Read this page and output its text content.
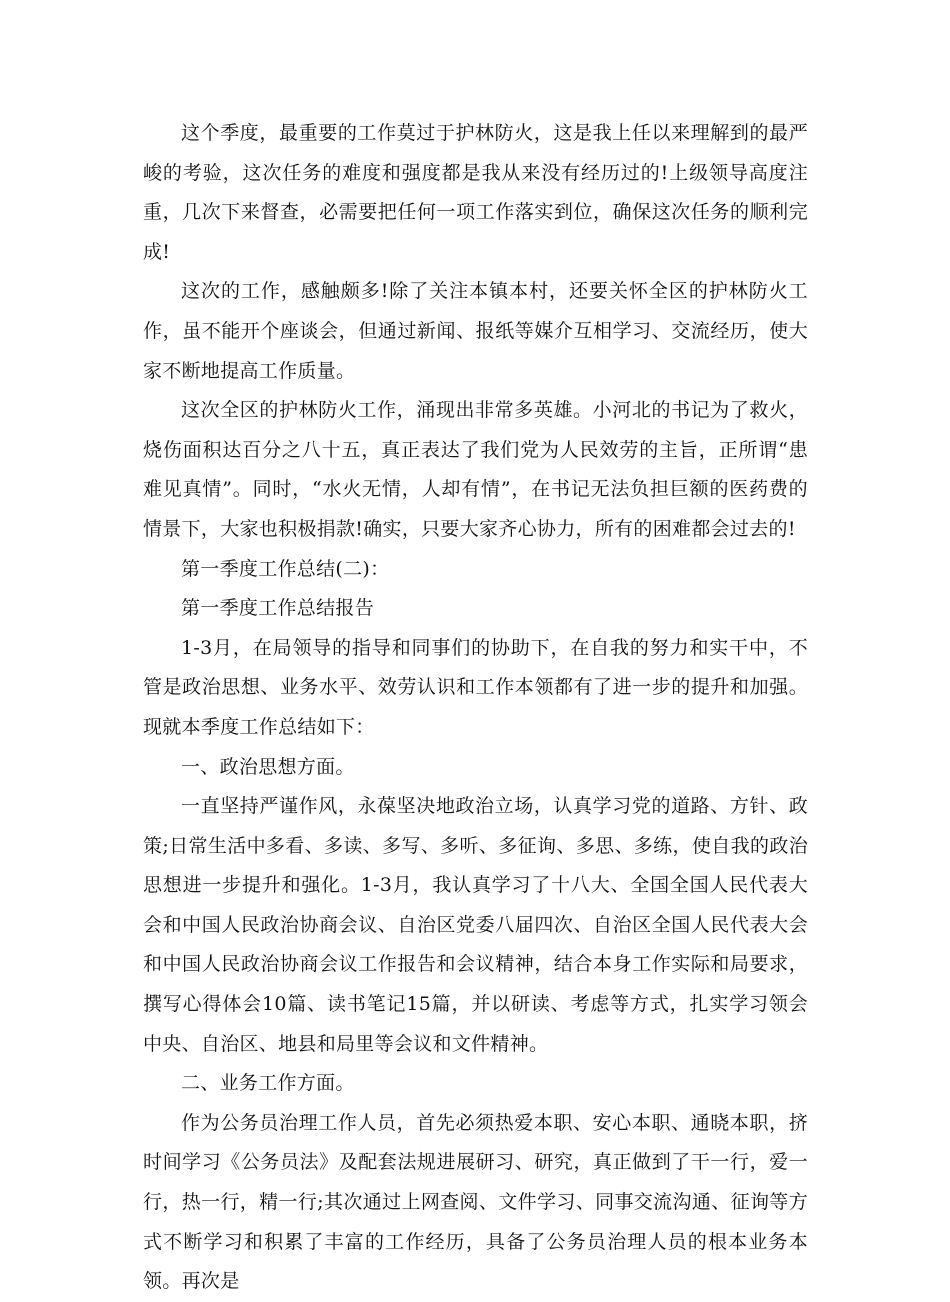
这个季度，最重要的工作莫过于护林防火，这是我上任以来理解到的最严峻的考验，这次任务的难度和强度都是我从来没有经历过的!上级领导高度注重，几次下来督查，必需要把任何一项工作落实到位，确保这次任务的顺利完成!

这次的工作，感触颇多!除了关注本镇本村，还要关怀全区的护林防火工作，虽不能开个座谈会，但通过新闻、报纸等媒介互相学习、交流经历，使大家不断地提高工作质量。

这次全区的护林防火工作，涌现出非常多英雄。小河北的书记为了救火，烧伤面积达百分之八十五，真正表达了我们党为人民效劳的主旨，正所谓“患难见真情”。同时，“水火无情，人却有情”，在书记无法负担巨额的医药费的情景下，大家也积极捐款!确实，只要大家齐心协力，所有的困难都会过去的!

第一季度工作总结(二)：

第一季度工作总结报告

1-3月，在局领导的指导和同事们的协助下，在自我的努力和实干中，不管是政治思想、业务水平、效劳认识和工作本领都有了进一步的提升和加强。现就本季度工作总结如下：

一、政治思想方面。

一直坚持严谨作风，永葆坚决地政治立场，认真学习党的道路、方针、政策;日常生活中多看、多读、多写、多听、多征询、多思、多练，使自我的政治思想进一步提升和强化。1-3月，我认真学习了十八大、全国全国人民代表大会和中国人民政治协商会议、自治区党委八届四次、自治区全国人民代表大会和中国人民政治协商会议工作报告和会议精神，结合本身工作实际和局要求，撰写心得体会10篇、读书笔记15篇，并以研读、考虑等方式，扎实学习领会中央、自治区、地县和局里等会议和文件精神。

二、业务工作方面。

作为公务员治理工作人员，首先必须热爱本职、安心本职、通晓本职，挤时间学习《公务员法》及配套法规进展研习、研究，真正做到了干一行，爱一行，热一行，精一行;其次通过上网查阅、文件学习、同事交流沟通、征询等方式不断学习和积累了丰富的工作经历，具备了公务员治理人员的根本业务本领。再次是
